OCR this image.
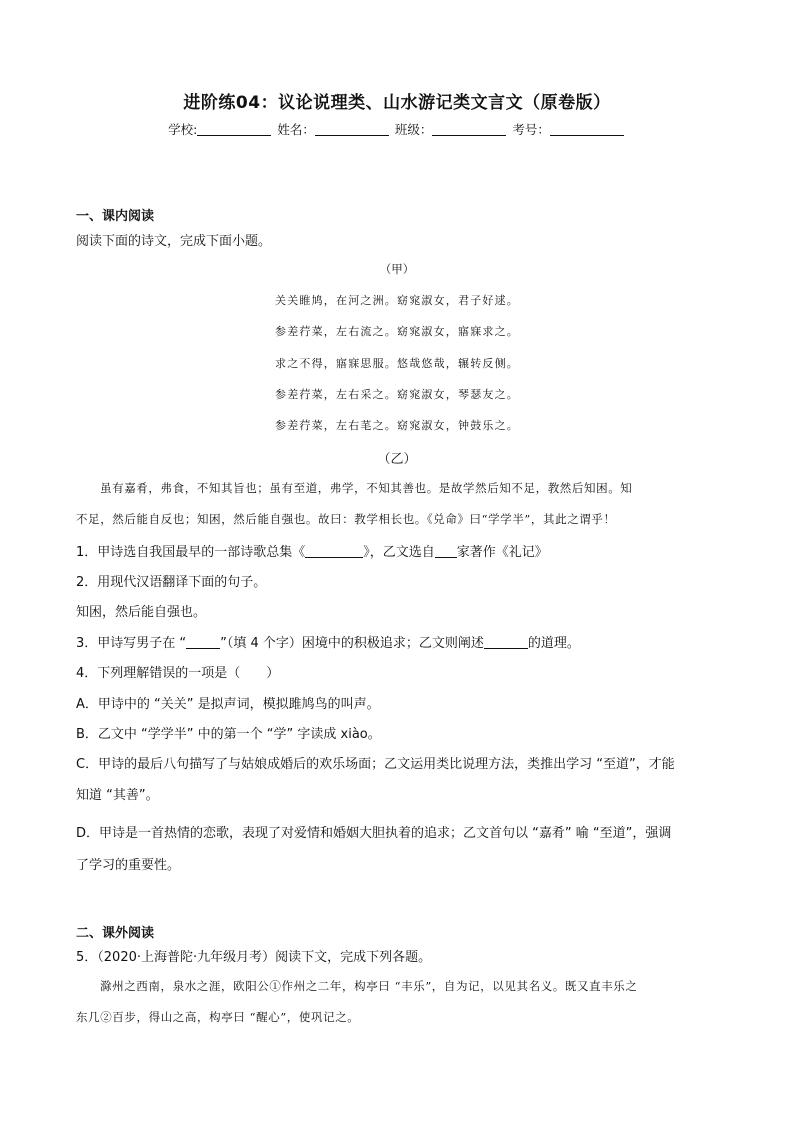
进阶练04：议论说理类、山水游记类文言文（原卷版）
学校:	姓名：	班级：	考号：
一、课内阅读
阅读下面的诗文，完成下面小题。
（甲）
关关睢鸠，在河之洲。窈窕淑女，君子好逑。
参差荇菜，左右流之。窈窕淑女，寤寐求之。
求之不得，寤寐思服。悠哉悠哉，辗转反侧。
参差荇菜，左右采之。窈窕淑女，琴瑟友之。
参差荇菜，左右芼之。窈窕淑女，钟鼓乐之。
（乙）
虽有嘉肴，弗食，不知其旨也；虽有至道，弗学，不知其善也。是故学然后知不足，教然后知困。知
不足，然后能自反也；知困，然后能自强也。故曰：教学相长也。《兑命》曰“学学半”，其此之谓乎！
1．甲诗选自我国最早的一部诗歌总集《	》，乙文选自 家著作《礼记》
2．用现代汉语翻译下面的句子。
知困，然后能自强也。
3．甲诗写男子在 “	”（填 4 个字）困境中的积极追求；乙文则阐述	的道理。
4．下列理解错误的一项是（　　）
A．甲诗中的 “关关” 是拟声词，模拟雎鸠鸟的叫声。
B．乙文中 “学学半” 中的第一个 “学” 字读成 xiào。
C．甲诗的最后八句描写了与姑娘成婚后的欢乐场面；乙文运用类比说理方法，类推出学习 “至道”，才能
知道 “其善”。
D．甲诗是一首热情的恋歌，表现了对爱情和婚姻大胆执着的追求；乙文首句以 “嘉肴” 喻 “至道”，强调
了学习的重要性。
二、课外阅读
5．（2020·上海普陀·九年级月考）阅读下文，完成下列各题。
滁州之西南，泉水之涯，欧阳公①作州之二年，构亭曰 “丰乐”，自为记，以见其名义。既又直丰乐之
东几②百步，得山之高，构亭曰 “醒心”，使巩记之。
